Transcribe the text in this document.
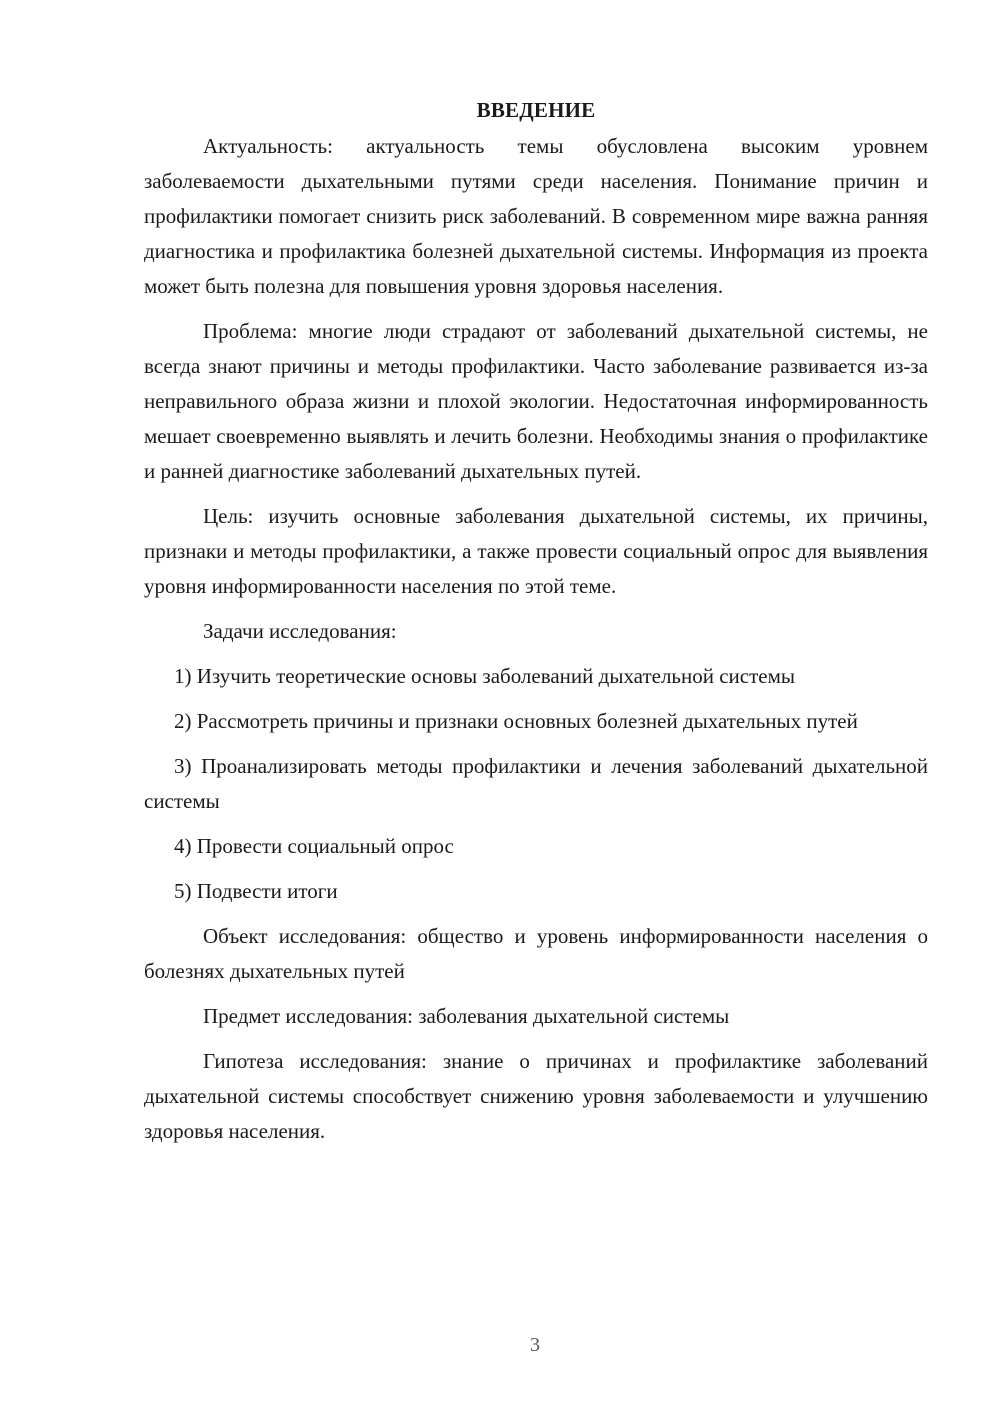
ВВЕДЕНИЕ

Актуальность: актуальность темы обусловлена высоким уровнем заболеваемости дыхательными путями среди населения. Понимание причин и профилактики помогает снизить риск заболеваний. В современном мире важна ранняя диагностика и профилактика болезней дыхательной системы. Информация из проекта может быть полезна для повышения уровня здоровья населения.

Проблема: многие люди страдают от заболеваний дыхательной системы, не всегда знают причины и методы профилактики. Часто заболевание развивается из-за неправильного образа жизни и плохой экологии. Недостаточная информированность мешает своевременно выявлять и лечить болезни. Необходимы знания о профилактике и ранней диагностике заболеваний дыхательных путей.

Цель: изучить основные заболевания дыхательной системы, их причины, признаки и методы профилактики, а также провести социальный опрос для выявления уровня информированности населения по этой теме.

Задачи исследования:

1) Изучить теоретические основы заболеваний дыхательной системы

2) Рассмотреть причины и признаки основных болезней дыхательных путей

3) Проанализировать методы профилактики и лечения заболеваний дыхательной системы

4) Провести социальный опрос

5) Подвести итоги

Объект исследования: общество и уровень информированности населения о болезнях дыхательных путей

Предмет исследования: заболевания дыхательной системы

Гипотеза исследования: знание о причинах и профилактике заболеваний дыхательной системы способствует снижению уровня заболеваемости и улучшению здоровья населения.

3
